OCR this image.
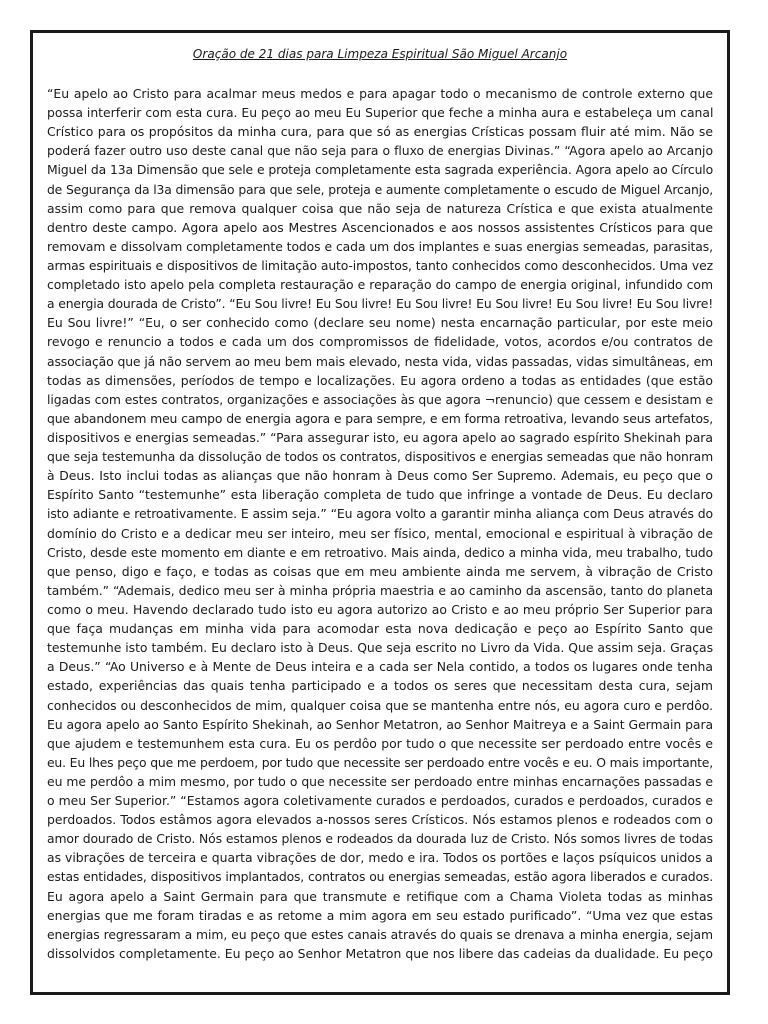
Oração de 21 dias para Limpeza Espiritual São Miguel Arcanjo
“Eu apelo ao Cristo para acalmar meus medos e para apagar todo o mecanismo de controle externo que
possa interferir com esta cura. Eu peço ao meu Eu Superior que feche a minha aura e estabeleça um canal
Crístico para os propósitos da minha cura, para que só as energias Crísticas possam fluir até mim. Não se
poderá fazer outro uso deste canal que não seja para o fluxo de energias Divinas.” “Agora apelo ao Arcanjo
Miguel da 13a Dimensão que sele e proteja completamente esta sagrada experiência. Agora apelo ao Círculo
de Segurança da l3a dimensão para que sele, proteja e aumente completamente o escudo de Miguel Arcanjo,
assim como para que remova qualquer coisa que não seja de natureza Crística e que exista atualmente
dentro deste campo. Agora apelo aos Mestres Ascencionados e aos nossos assistentes Crísticos para que
removam e dissolvam completamente todos e cada um dos implantes e suas energias semeadas, parasitas,
armas espirituais e dispositivos de limitação auto-impostos, tanto conhecidos como desconhecidos. Uma vez
completado isto apelo pela completa restauração e reparação do campo de energia original, infundido com
a energia dourada de Cristo”. “Eu Sou livre! Eu Sou livre! Eu Sou livre! Eu Sou livre! Eu Sou livre! Eu Sou livre!
Eu Sou livre!” “Eu, o ser conhecido como (declare seu nome) nesta encarnação particular, por este meio
revogo e renuncio a todos e cada um dos compromissos de fidelidade, votos, acordos e/ou contratos de
associação que já não servem ao meu bem mais elevado, nesta vida, vidas passadas, vidas simultâneas, em
todas as dimensões, períodos de tempo e localizações. Eu agora ordeno a todas as entidades (que estão
ligadas com estes contratos, organizações e associações às que agora ¬renuncio) que cessem e desistam e
que abandonem meu campo de energia agora e para sempre, e em forma retroativa, levando seus artefatos,
dispositivos e energias semeadas.” “Para assegurar isto, eu agora apelo ao sagrado espírito Shekinah para
que seja testemunha da dissolução de todos os contratos, dispositivos e energias semeadas que não honram
à Deus. Isto inclui todas as alianças que não honram à Deus como Ser Supremo. Ademais, eu peço que o
Espírito Santo “testemunhe” esta liberação completa de tudo que infringe a vontade de Deus. Eu declaro
isto adiante e retroativamente. E assim seja.” “Eu agora volto a garantir minha aliança com Deus através do
domínio do Cristo e a dedicar meu ser inteiro, meu ser físico, mental, emocional e espiritual à vibração de
Cristo, desde este momento em diante e em retroativo. Mais ainda, dedico a minha vida, meu trabalho, tudo
que penso, digo e faço, e todas as coisas que em meu ambiente ainda me servem, à vibração de Cristo
também.” “Ademais, dedico meu ser à minha própria maestria e ao caminho da ascensão, tanto do planeta
como o meu. Havendo declarado tudo isto eu agora autorizo ao Cristo e ao meu próprio Ser Superior para
que faça mudanças em minha vida para acomodar esta nova dedicação e peço ao Espírito Santo que
testemunhe isto também. Eu declaro isto à Deus. Que seja escrito no Livro da Vida. Que assim seja. Graças
a Deus.” “Ao Universo e à Mente de Deus inteira e a cada ser Nela contido, a todos os lugares onde tenha
estado, experiências das quais tenha participado e a todos os seres que necessitam desta cura, sejam
conhecidos ou desconhecidos de mim, qualquer coisa que se mantenha entre nós, eu agora curo e perdôo.
Eu agora apelo ao Santo Espírito Shekinah, ao Senhor Metatron, ao Senhor Maitreya e a Saint Germain para
que ajudem e testemunhem esta cura. Eu os perdôo por tudo o que necessite ser perdoado entre vocês e
eu. Eu lhes peço que me perdoem, por tudo que necessite ser perdoado entre vocês e eu. O mais importante,
eu me perdôo a mim mesmo, por tudo o que necessite ser perdoado entre minhas encarnações passadas e
o meu Ser Superior.” “Estamos agora coletivamente curados e perdoados, curados e perdoados, curados e
perdoados. Todos estâmos agora elevados a-nossos seres Crísticos. Nós estamos plenos e rodeados com o
amor dourado de Cristo. Nós estamos plenos e rodeados da dourada luz de Cristo. Nós somos livres de todas
as vibrações de terceira e quarta vibrações de dor, medo e ira. Todos os portões e laços psíquicos unidos a
estas entidades, dispositivos implantados, contratos ou energias semeadas, estão agora liberados e curados.
Eu agora apelo a Saint Germain para que transmute e retifique com a Chama Violeta todas as minhas
energias que me foram tiradas e as retome a mim agora em seu estado purificado”. “Uma vez que estas
energias regressaram a mim, eu peço que estes canais através do quais se drenava a minha energia, sejam
dissolvidos completamente. Eu peço ao Senhor Metatron que nos libere das cadeias da dualidade. Eu peço
